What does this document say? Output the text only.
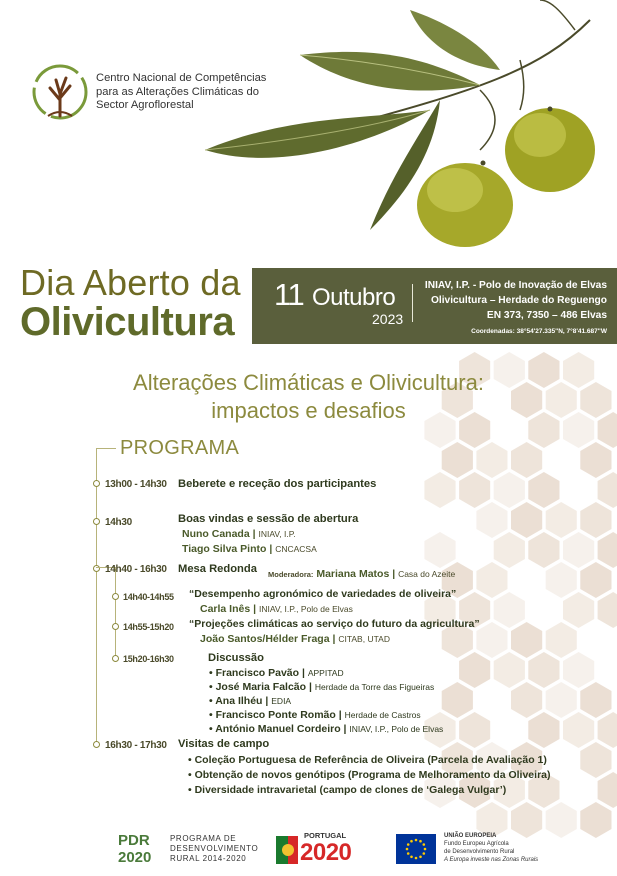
Centro Nacional de Competências
para as Alterações Climáticas do
Sector Agroflorestal
Dia Aberto da
Olivicultura
11 Outubro
2023
INIAV, I.P. - Polo de Inovação de Elvas
Olivicultura – Herdade do Reguengo
EN 373, 7350 – 486 Elvas
Coordenadas: 38°54'27.335"N, 7°8'41.687"W
Alterações Climáticas e Olivicultura:
impactos e desafios
PROGRAMA
13h00 - 14h30 Beberete e receção dos participantes
14h30	Boas vindas e sessão de abertura
Nuno Canada | INIAV, I.P.
Tiago Silva Pinto | CNCACSA
14h40 - 16h30 Mesa Redonda Moderadora: Mariana Matos | Casa do Azeite
14h40-14h55 “Desempenho agronómico de variedades de oliveira”
Carla Inês | INIAV, I.P., Polo de Elvas
14h55-15h20 “Projeções climáticas ao serviço do futuro da agricultura”
João Santos/Hélder Fraga | CITAB, UTAD
15h20-16h30	Discussão
• Francisco Pavão | APPITAD
• José Maria Falcão | Herdade da Torre das Figueiras
• Ana Ilhéu | EDIA
• Francisco Ponte Romão | Herdade de Castros
• António Manuel Cordeiro | INIAV, I.P., Polo de Elvas
16h30 - 17h30 Visitas de campo
• Coleção Portuguesa de Referência de Oliveira (Parcela de Avaliação 1)
• Obtenção de novos genótipos (Programa de Melhoramento da Oliveira)
• Diversidade intravarietal (campo de clones de ‘Galega Vulgar’)
PDR 2020
PROGRAMA DE
DESENVOLVIMENTO
RURAL 2014-2020
PORTUGAL
2020
UNIÃO EUROPEIA
Fundo Europeu Agrícola
de Desenvolvimento Rural
A Europa investe nas Zonas Rurais
